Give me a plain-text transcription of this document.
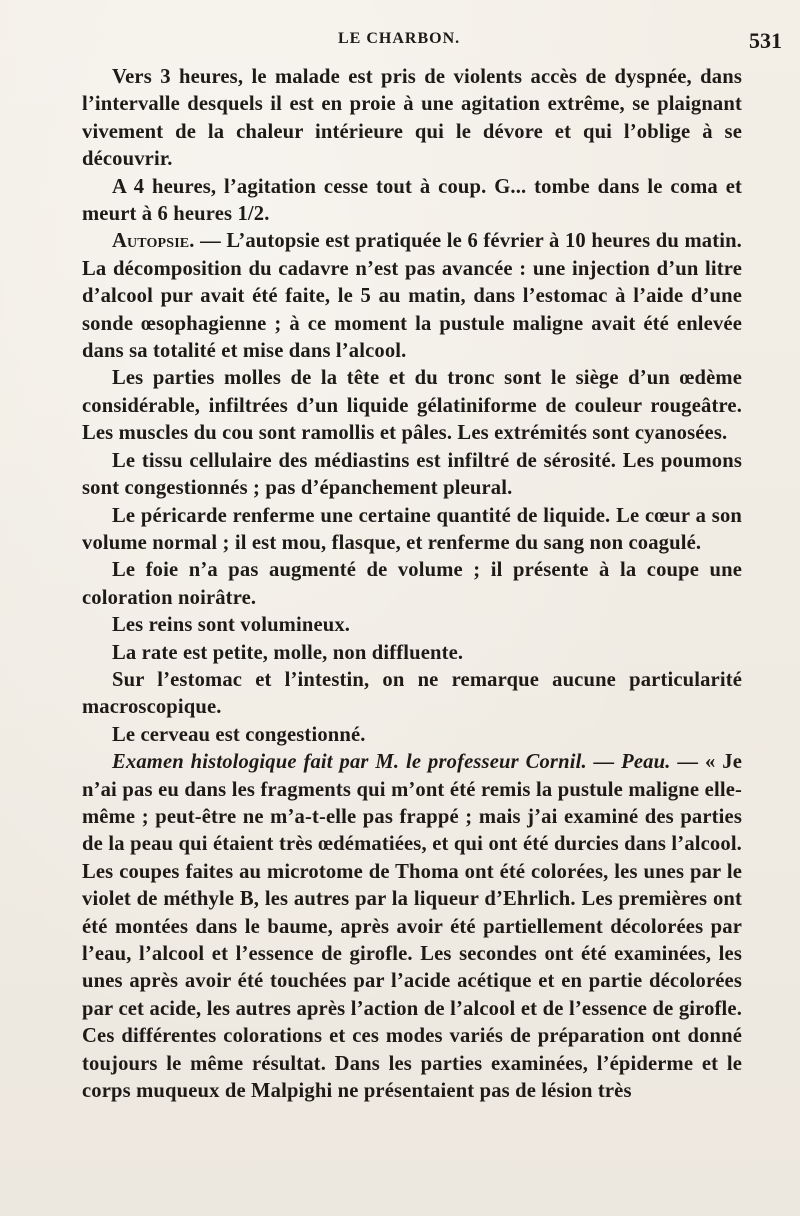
LE CHARBON.	531

Vers 3 heures, le malade est pris de violents accès de dyspnée, dans l’intervalle desquels il est en proie à une agitation extrême, se plaignant vivement de la chaleur intérieure qui le dévore et qui l’oblige à se découvrir.

A 4 heures, l’agitation cesse tout à coup. G... tombe dans le coma et meurt à 6 heures 1/2.

Autopsie. — L’autopsie est pratiquée le 6 février à 10 heures du matin. La décomposition du cadavre n’est pas avancée : une injection d’un litre d’alcool pur avait été faite, le 5 au matin, dans l’estomac à l’aide d’une sonde œsophagienne ; à ce moment la pustule maligne avait été enlevée dans sa totalité et mise dans l’alcool.

Les parties molles de la tête et du tronc sont le siège d’un œdème considérable, infiltrées d’un liquide gélatiniforme de couleur rougeâtre. Les muscles du cou sont ramollis et pâles. Les extrémités sont cyanosées.

Le tissu cellulaire des médiastins est infiltré de sérosité. Les poumons sont congestionnés ; pas d’épanchement pleural.

Le péricarde renferme une certaine quantité de liquide. Le cœur a son volume normal ; il est mou, flasque, et renferme du sang non coagulé.

Le foie n’a pas augmenté de volume ; il présente à la coupe une coloration noirâtre.

Les reins sont volumineux.

La rate est petite, molle, non diffluente.

Sur l’estomac et l’intestin, on ne remarque aucune particularité macroscopique.

Le cerveau est congestionné.

Examen histologique fait par M. le professeur Cornil. — Peau. — « Je n’ai pas eu dans les fragments qui m’ont été remis la pustule maligne elle-même ; peut-être ne m’a-t-elle pas frappé ; mais j’ai examiné des parties de la peau qui étaient très œdématiées, et qui ont été durcies dans l’alcool. Les coupes faites au microtome de Thoma ont été colorées, les unes par le violet de méthyle B, les autres par la liqueur d’Ehrlich. Les premières ont été montées dans le baume, après avoir été partiellement décolorées par l’eau, l’alcool et l’essence de girofle. Les secondes ont été examinées, les unes après avoir été touchées par l’acide acétique et en partie décolorées par cet acide, les autres après l’action de l’alcool et de l’essence de girofle. Ces différentes colorations et ces modes variés de préparation ont donné toujours le même résultat. Dans les parties examinées, l’épiderme et le corps muqueux de Malpighi ne présentaient pas de lésion très
